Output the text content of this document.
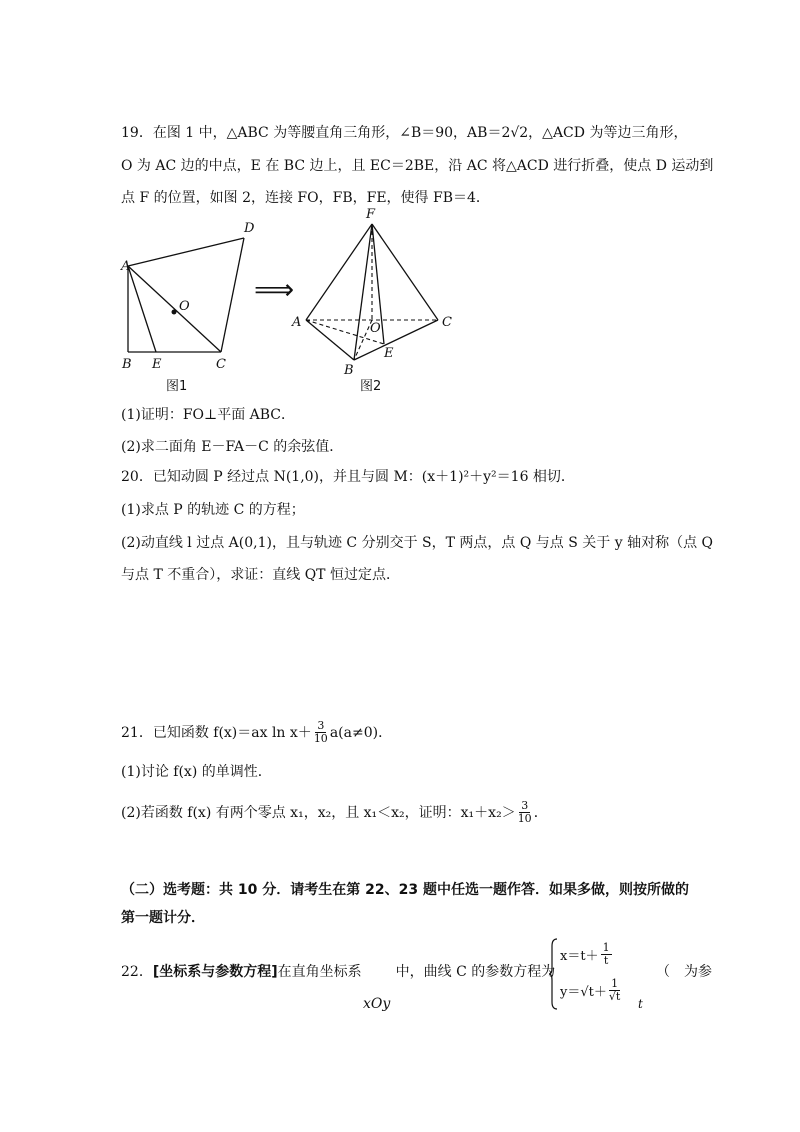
19．在图 1 中，△ABC 为等腰直角三角形，∠B＝90，AB＝2√2，△ACD 为等边三角形，
O 为 AC 边的中点，E 在 BC 边上，且 EC＝2BE，沿 AC 将△ACD 进行折叠，使点 D 运动到
点 F 的位置，如图 2，连接 FO，FB，FE，使得 FB＝4．
A
B E	C
D
O
图1
⟹
F
A	C
O
E
B
图2
(1)证明：FO⊥平面 ABC．
(2)求二面角 E－FA－C 的余弦值．
20．已知动圆 P 经过点 N(1,0)，并且与圆 M：(x＋1)²＋y²＝16 相切．
(1)求点 P 的轨迹 C 的方程；
(2)动直线 l 过点 A(0,1)，且与轨迹 C 分别交于 S，T 两点，点 Q 与点 S 关于 y 轴对称（点 Q
与点 T 不重合），求证：直线 QT 恒过定点．
21．已知函数 f(x)＝ax $\ln x+ \frac{3}{10} a(a\ne 0)$．
(1)讨论 f(x) 的单调性．
(2)若函数 f(x) 有两个零点 x₁，x₂，且 x₁＜x₂，证明：$x_1+x_2> \frac{3}{10}$ ．
（二）选考题：共 10 分．请考生在第 22、23 题中任选一题作答．如果多做，则按所做的
第一题计分．
22．[坐标系与参数方程]在直角坐标系 中，曲线 C 的参数方程为
xOy
$x=t+ \frac{1}{t}$
$y=√t+ \frac{1}{√t}$
（　为参
t
